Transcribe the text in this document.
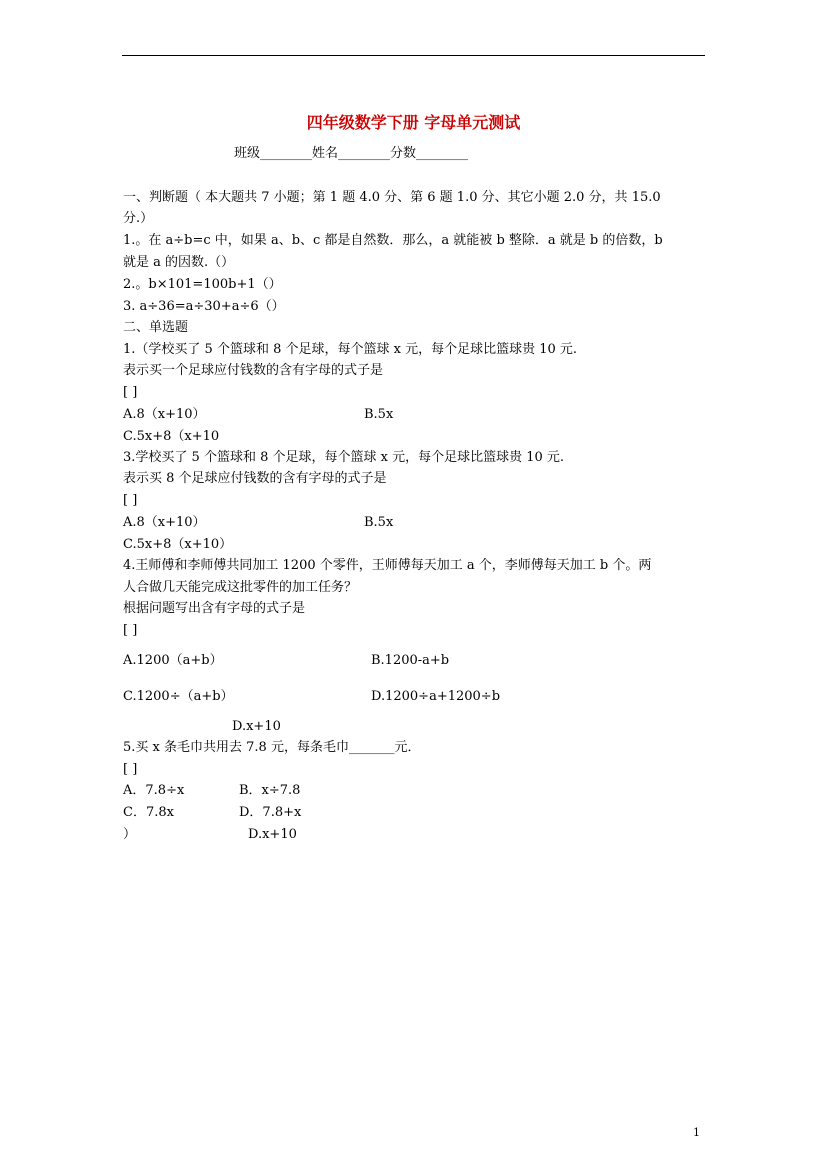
四年级数学下册 字母单元测试
班级________姓名________分数________
一、判断题（ 本大题共 7 小题；第 1 题 4.0 分、第 6 题 1.0 分、其它小题 2.0 分，共 15.0
分.）
1.。在 a÷b=c 中，如果 a、b、c 都是自然数．那么，a 就能被 b 整除．a 就是 b 的倍数，b
就是 a 的因数.（）
2.。b×101=100b+1（）
3. a÷36=a÷30+a÷6（）
二、单选题
1.（学校买了 5 个篮球和 8 个足球，每个篮球 x 元，每个足球比篮球贵 10 元.
表示买一个足球应付钱数的含有字母的式子是
[ ]
A.8（x+10）	B.5x
C.5x+8（x+10
3.学校买了 5 个篮球和 8 个足球，每个篮球 x 元，每个足球比篮球贵 10 元.
表示买 8 个足球应付钱数的含有字母的式子是
[ ]
A.8（x+10）	B.5x
C.5x+8（x+10）
4.王师傅和李师傅共同加工 1200 个零件，王师傅每天加工 a 个，李师傅每天加工 b 个。两
人合做几天能完成这批零件的加工任务？
根据问题写出含有字母的式子是
[ ]
A.1200（a+b）	B.1200-a+b
C.1200÷（a+b）	D.1200÷a+1200÷b
D.x+10
5.买 x 条毛巾共用去 7.8 元，每条毛巾_______元．
[ ]
A．7.8÷x	B．x÷7.8
C．7.8x	D．7.8+x
）	D.x+10
1
